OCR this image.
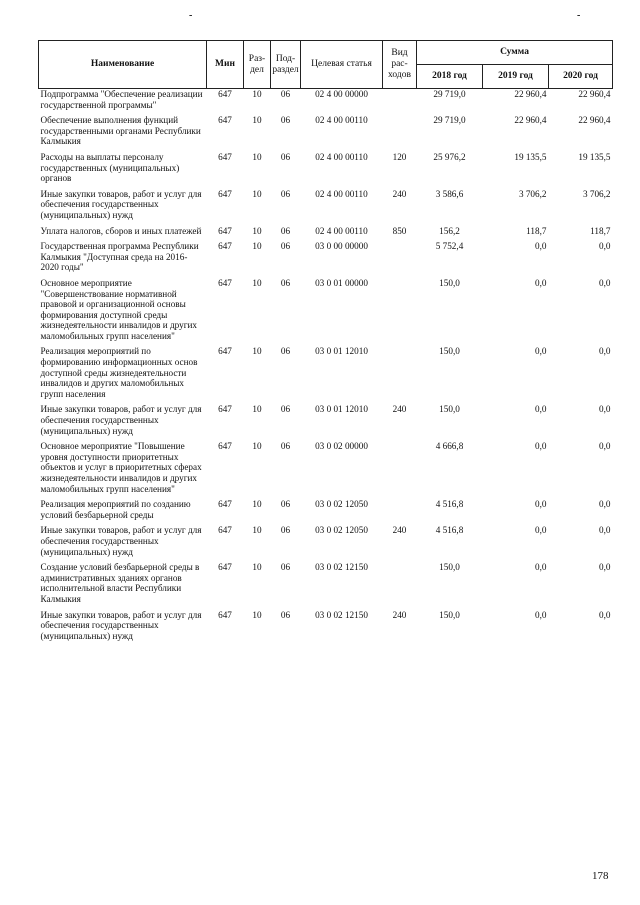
-	-
Наименование	Мин	Раз-дел	Под-раздел	Целевая статья	Вид рас-ходов	Сумма		
						2018 год	2019 год	2020 год
Подпрограмма "Обеспечение реализации государственной программы"	647	10	06	02 4 00 00000		29 719,0	22 960,4	22 960,4
Обеспечение выполнения функций государственными органами Республики Калмыкия	647	10	06	02 4 00 00110		29 719,0	22 960,4	22 960,4
Расходы на выплаты персоналу государственных (муниципальных) органов	647	10	06	02 4 00 00110	120	25 976,2	19 135,5	19 135,5
Иные закупки товаров, работ и услуг для обеспечения государственных (муниципальных) нужд	647	10	06	02 4 00 00110	240	3 586,6	3 706,2	3 706,2
Уплата налогов, сборов и иных платежей	647	10	06	02 4 00 00110	850	156,2	118,7	118,7
Государственная программа Республики Калмыкия "Доступная среда на 2016-2020 годы"	647	10	06	03 0 00 00000		5 752,4	0,0	0,0
Основное мероприятие "Совершенствование нормативной правовой и организационной основы формирования доступной среды жизнедеятельности инвалидов и других маломобильных групп населения"	647	10	06	03 0 01 00000		150,0	0,0	0,0
Реализация мероприятий по формированию информационных основ доступной среды жизнедеятельности инвалидов и других маломобильных групп населения	647	10	06	03 0 01 12010		150,0	0,0	0,0
Иные закупки товаров, работ и услуг для обеспечения государственных (муниципальных) нужд	647	10	06	03 0 01 12010	240	150,0	0,0	0,0
Основное мероприятие "Повышение уровня доступности приоритетных объектов и услуг в приоритетных сферах жизнедеятельности инвалидов и других маломобильных групп населения"	647	10	06	03 0 02 00000		4 666,8	0,0	0,0
Реализация мероприятий по созданию условий безбарьерной среды	647	10	06	03 0 02 12050		4 516,8	0,0	0,0
Иные закупки товаров, работ и услуг для обеспечения государственных (муниципальных) нужд	647	10	06	03 0 02 12050	240	4 516,8	0,0	0,0
Создание условий безбарьерной среды в административных зданиях органов исполнительной власти Республики Калмыкия	647	10	06	03 0 02 12150		150,0	0,0	0,0
Иные закупки товаров, работ и услуг для обеспечения государственных (муниципальных) нужд	647	10	06	03 0 02 12150	240	150,0	0,0	0,0
178
